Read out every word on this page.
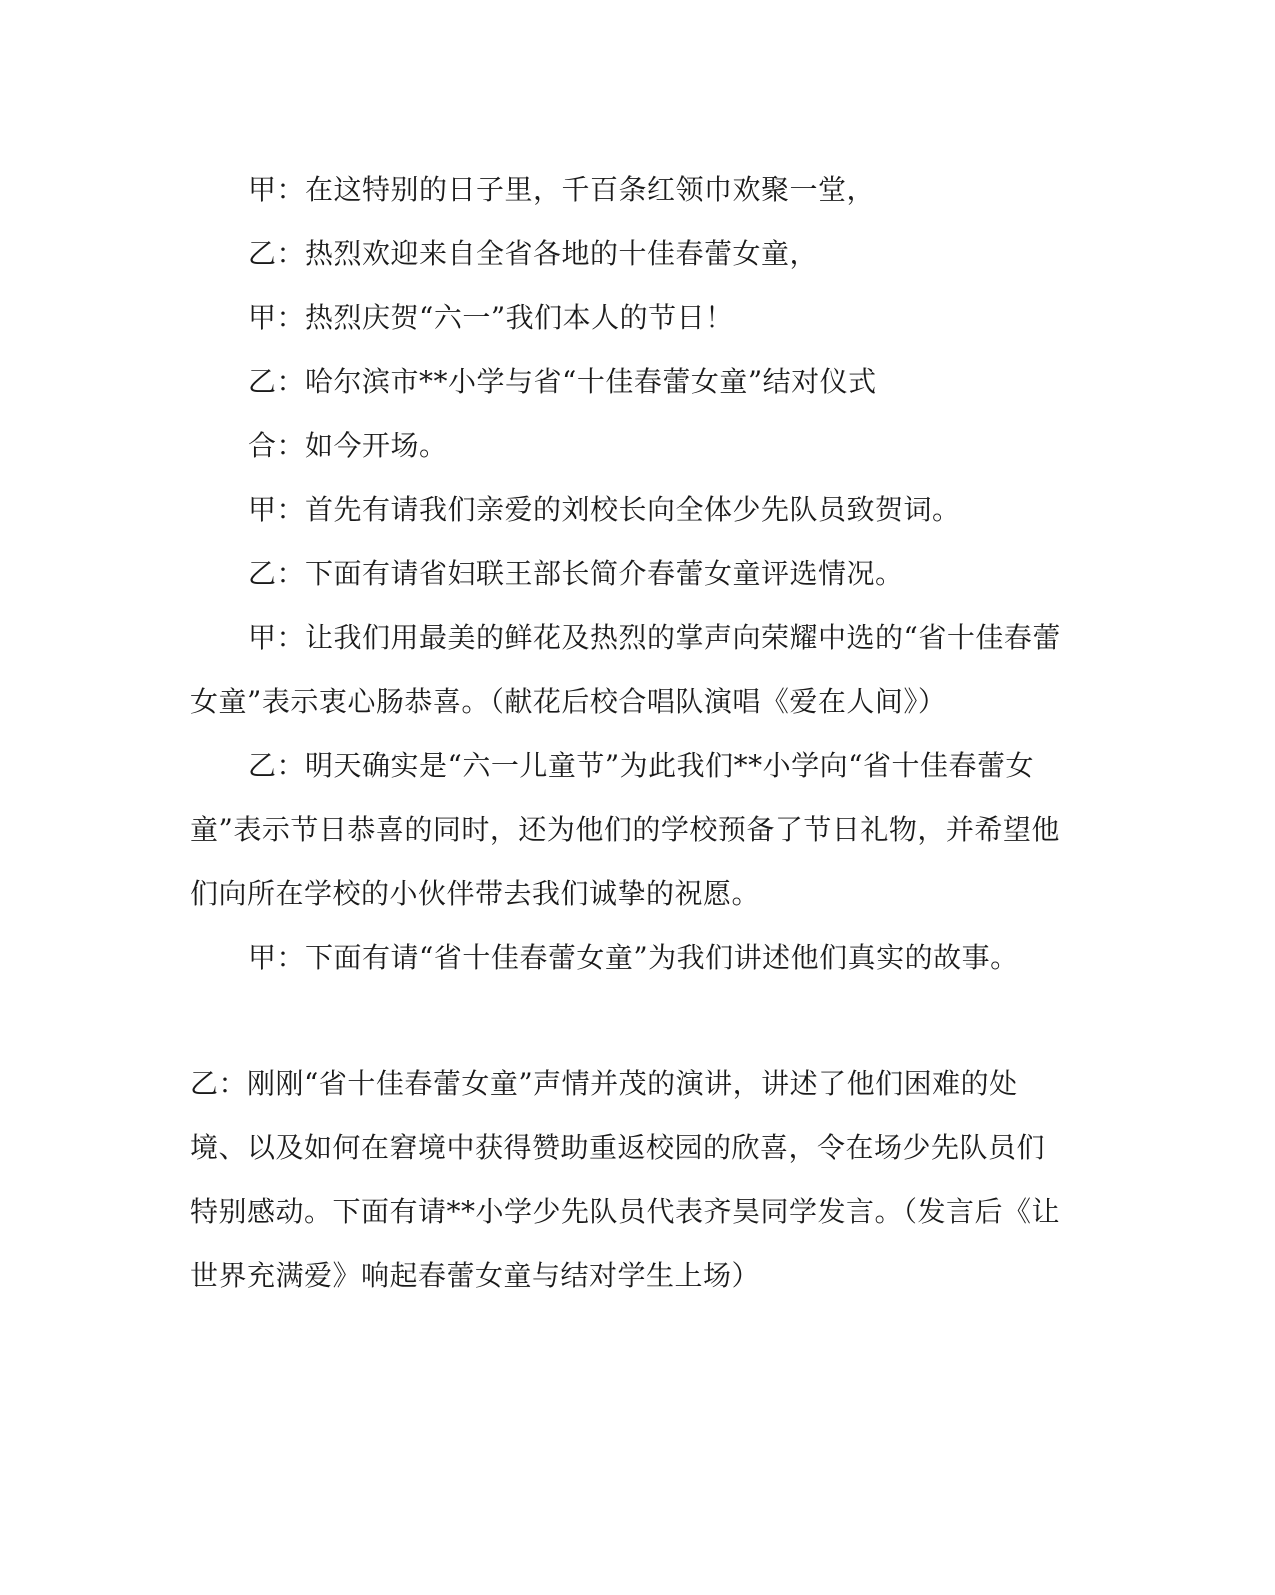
甲：在这特别的日子里，千百条红领巾欢聚一堂，

乙：热烈欢迎来自全省各地的十佳春蕾女童，

甲：热烈庆贺“六一”我们本人的节日！

乙：哈尔滨市**小学与省“十佳春蕾女童”结对仪式

合：如今开场。

甲：首先有请我们亲爱的刘校长向全体少先队员致贺词。

乙：下面有请省妇联王部长简介春蕾女童评选情况。

甲：让我们用最美的鲜花及热烈的掌声向荣耀中选的“省十佳春蕾女童”表示衷心肠恭喜。（献花后校合唱队演唱《爱在人间》）

乙：明天确实是“六一儿童节”为此我们**小学向“省十佳春蕾女童”表示节日恭喜的同时，还为他们的学校预备了节日礼物，并希望他们向所在学校的小伙伴带去我们诚挚的祝愿。

甲：下面有请“省十佳春蕾女童”为我们讲述他们真实的故事。

乙：刚刚“省十佳春蕾女童”声情并茂的演讲，讲述了他们困难的处境、以及如何在窘境中获得赞助重返校园的欣喜，令在场少先队员们特别感动。下面有请**小学少先队员代表齐昊同学发言。（发言后《让世界充满爱》响起春蕾女童与结对学生上场）
